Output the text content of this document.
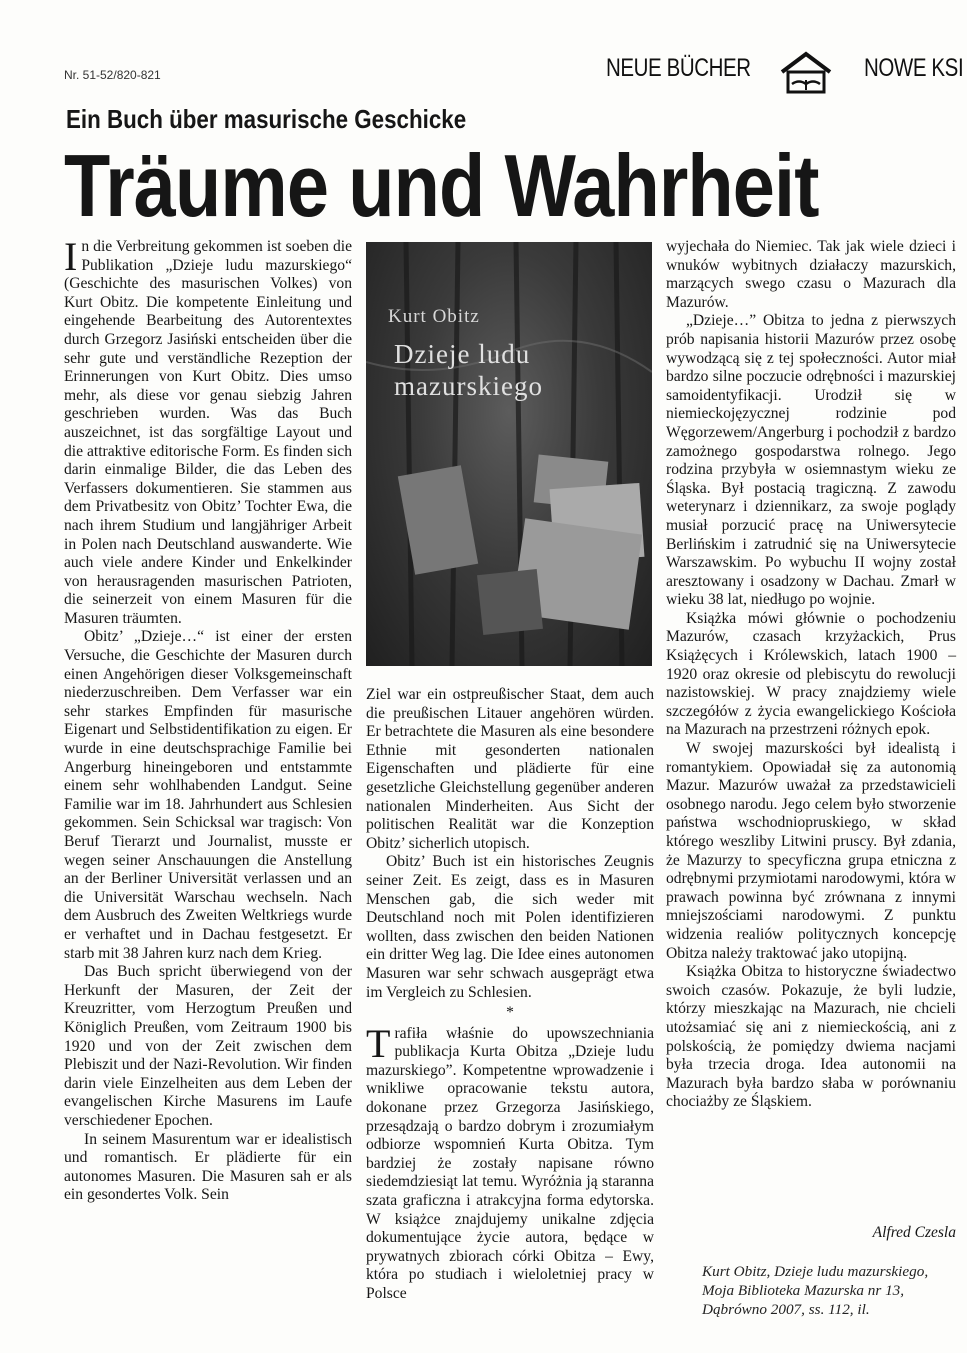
Nr. 51-52/820-821	NEUE BÜCHER	NOWE KSI
Ein Buch über masurische Geschicke
Träume und Wahrheit

In die Verbreitung gekommen ist soeben die Publikation „Dzieje ludu mazurskiego“ (Geschichte des masurischen Volkes) von Kurt Obitz. Die kompetente Einleitung und eingehende Bearbeitung des Autorentextes durch Grzegorz Jasiński entscheiden über die sehr gute und verständliche Rezeption der Erinnerungen von Kurt Obitz. Dies umso mehr, als diese vor genau siebzig Jahren geschrieben wurden. Was das Buch auszeichnet, ist das sorgfältige Layout und die attraktive editorische Form. Es finden sich darin einmalige Bilder, die das Leben des Verfassers dokumentieren. Sie stammen aus dem Privatbesitz von Obitz’ Tochter Ewa, die nach ihrem Studium und langjähriger Arbeit in Polen nach Deutschland auswanderte. Wie auch viele andere Kinder und Enkelkinder von herausragenden masurischen Patrioten, die seinerzeit von einem Masuren für die Masuren träumten.

Obitz’ „Dzieje…“ ist einer der ersten Versuche, die Geschichte der Masuren durch einen Angehörigen dieser Volksgemeinschaft niederzuschreiben. Dem Verfasser war ein sehr starkes Empfinden für masurische Eigenart und Selbstidentifikation zu eigen. Er wurde in eine deutschsprachige Familie bei Angerburg hineingeboren und entstammte einem sehr wohlhabenden Landgut. Seine Familie war im 18. Jahrhundert aus Schlesien gekommen. Sein Schicksal war tragisch: Von Beruf Tierarzt und Journalist, musste er wegen seiner Anschauungen die Anstellung an der Berliner Universität verlassen und an die Universität Warschau wechseln. Nach dem Ausbruch des Zweiten Weltkriegs wurde er verhaftet und in Dachau festgesetzt. Er starb mit 38 Jahren kurz nach dem Krieg.

Das Buch spricht überwiegend von der Herkunft der Masuren, der Zeit der Kreuzritter, vom Herzogtum Preußen und Königlich Preußen, vom Zeitraum 1900 bis 1920 und von der Zeit zwischen dem Plebiszit und der Nazi-Revolution. Wir finden darin viele Einzelheiten aus dem Leben der evangelischen Kirche Masurens im Laufe verschiedener Epochen.

In seinem Masurentum war er idealistisch und romantisch. Er plädierte für ein autonomes Masuren. Die Masuren sah er als ein gesondertes Volk. Sein

Kurt Obitz
Dzieje ludu
mazurskiego

Ziel war ein ostpreußischer Staat, dem auch die preußischen Litauer angehören würden. Er betrachtete die Masuren als eine besondere Ethnie mit gesonderten nationalen Eigenschaften und plädierte für eine gesetzliche Gleichstellung gegenüber anderen nationalen Minderheiten. Aus Sicht der politischen Realität war die Konzeption Obitz’ sicherlich utopisch.

Obitz’ Buch ist ein historisches Zeugnis seiner Zeit. Es zeigt, dass es in Masuren Menschen gab, die sich weder mit Deutschland noch mit Polen identifizieren wollten, dass zwischen den beiden Nationen ein dritter Weg lag. Die Idee eines autonomen Masuren war sehr schwach ausgeprägt etwa im Vergleich zu Schlesien.

*

Trafiła właśnie do upowszechniania publikacja Kurta Obitza „Dzieje ludu mazurskiego”. Kompetentne wprowadzenie i wnikliwe opracowanie tekstu autora, dokonane przez Grzegorza Jasińskiego, przesądzają o bardzo dobrym i zrozumiałym odbiorze wspomnień Kurta Obitza. Tym bardziej że zostały napisane równo siedemdziesiąt lat temu. Wyróżnia ją staranna szata graficzna i atrakcyjna forma edytorska. W książce znajdujemy unikalne zdjęcia dokumentujące życie autora, będące w prywatnych zbiorach córki Obitza – Ewy, która po studiach i wieloletniej pracy w Polsce

wyjechała do Niemiec. Tak jak wiele dzieci i wnuków wybitnych działaczy mazurskich, marzących swego czasu o Mazurach dla Mazurów.

„Dzieje…” Obitza to jedna z pierwszych prób napisania historii Mazurów przez osobę wywodzącą się z tej społeczności. Autor miał bardzo silne poczucie odrębności i mazurskiej samoidentyfikacji. Urodził się w niemieckojęzycznej rodzinie pod Węgorzewem/Angerburg i pochodził z bardzo zamożnego gospodarstwa rolnego. Jego rodzina przybyła w osiemnastym wieku ze Śląska. Był postacią tragiczną. Z zawodu weterynarz i dziennikarz, za swoje poglądy musiał porzucić pracę na Uniwersytecie Berlińskim i zatrudnić się na Uniwersytecie Warszawskim. Po wybuchu II wojny został aresztowany i osadzony w Dachau. Zmarł w wieku 38 lat, niedługo po wojnie.

Książka mówi głównie o pochodzeniu Mazurów, czasach krzyżackich, Prus Książęcych i Królewskich, latach 1900 – 1920 oraz okresie od plebiscytu do rewolucji nazistowskiej. W pracy znajdziemy wiele szczegółów z życia ewangelickiego Kościoła na Mazurach na przestrzeni różnych epok.

W swojej mazurskości był idealistą i romantykiem. Opowiadał się za autonomią Mazur. Mazurów uważał za przedstawicieli osobnego narodu. Jego celem było stworzenie państwa wschodniopruskiego, w skład którego weszliby Litwini pruscy. Był zdania, że Mazurzy to specyficzna grupa etniczna z odrębnymi przymiotami narodowymi, która w prawach powinna być zrównana z innymi mniejszościami narodowymi. Z punktu widzenia realiów politycznych koncepcję Obitza należy traktować jako utopijną.

Książka Obitza to historyczne świadectwo swoich czasów. Pokazuje, że byli ludzie, którzy mieszkając na Mazurach, nie chcieli utożsamiać się ani z niemieckością, ani z polskością, że pomiędzy dwiema nacjami była trzecia droga. Idea autonomii na Mazurach była bardzo słaba w porównaniu chociażby ze Śląskiem.

Alfred Czesla
Kurt Obitz, Dzieje ludu mazurskiego, Moja Biblioteka Mazurska nr 13, Dąbrówno 2007, ss. 112, il.
